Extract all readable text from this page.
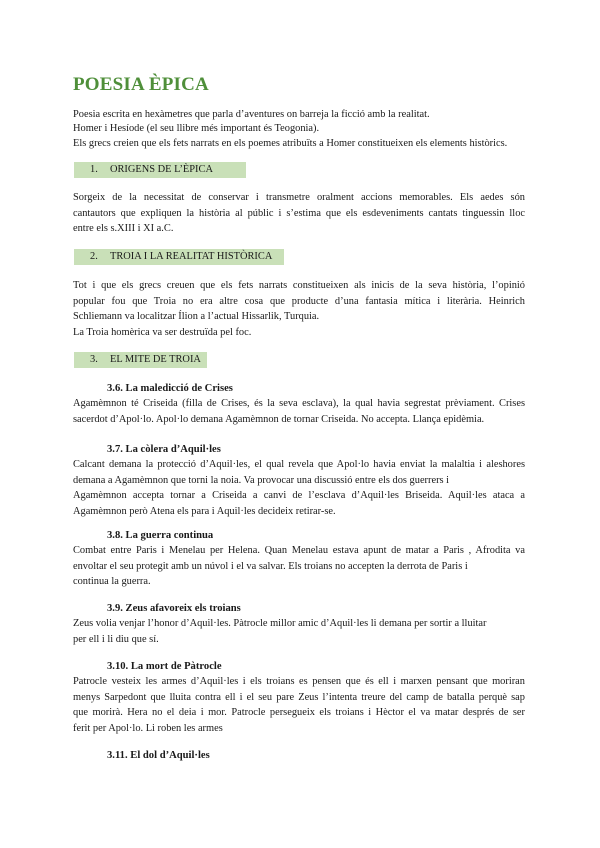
POESIA ÈPICA
Poesia escrita en hexàmetres que parla d’aventures on barreja la ficció amb la realitat.
Homer i Hesíode (el seu llibre més important és Teogonia).
Els grecs creien que els fets narrats en els poemes atribuïts a Homer constitueixen els elements històrics.
1. ORIGENS DE L’ÈPICA

Sorgeix de la necessitat de conservar i transmetre oralment accions memorables. Els aedes són

cantautors que expliquen la història al públic i s’estima que els esdeveniments cantats tinguessin lloc

entre els s.XIII i XI a.C.

2. TROIA I LA REALITAT HISTÒRICA

Tot i que els grecs creuen que els fets narrats constitueixen als inicis de la seva història, l’opinió

popular fou que Troia no era altre cosa que producte d’una fantasia mítica i literària. Heinrich

Schliemann va localitzar Ílion a l’actual Hissarlik, Turquia.

La Troia homèrica va ser destruïda pel foc.

3. EL MITE DE TROIA
3.6. La maledicció de Crises

Agamèmnon té Criseida (filla de Crises, és la seva esclava), la qual havia segrestat prèviament. Crises

sacerdot d’Apol·lo. Apol·lo demana Agamèmnon de tornar Criseida. No accepta. Llança epidèmia.

3.7. La còlera d’Aquil·les

Calcant demana la protecció d’Aquil·les, el qual revela que Apol·lo havia enviat la malaltia i aleshores

demana a Agamèmnon que torni la noia. Va provocar una discussió entre els dos guerrers i

Agamèmnon accepta tornar a Criseida a canvi de l’esclava d’Aquil·les Briseida. Aquil·les ataca a

Agamèmnon però Atena els para i Aquil·les decideix retirar-se.

3.8. La guerra continua

Combat entre Paris i Menelau per Helena. Quan Menelau estava apunt de matar a Paris , Afrodita va

envoltar el seu protegit amb un núvol i el va salvar. Els troians no accepten la derrota de Paris i

continua la guerra.

3.9. Zeus afavoreix els troians

Zeus volia venjar l’honor d’Aquil·les. Pàtrocle millor amic d’Aquil·les li demana per sortir a lluitar

per ell i li diu que sí.

3.10. La mort de Pàtrocle

Patrocle vesteix les armes d’Aquil·les i els troians es pensen que és ell i marxen pensant que moriran

menys Sarpedont que lluita contra ell i el seu pare Zeus l’intenta treure del camp de batalla perquè sap

que morirà. Hera no el deia i mor. Patrocle persegueix els troians i Hèctor el va matar després de ser

ferit per Apol·lo. Li roben les armes

3.11. El dol d’Aquil·les
